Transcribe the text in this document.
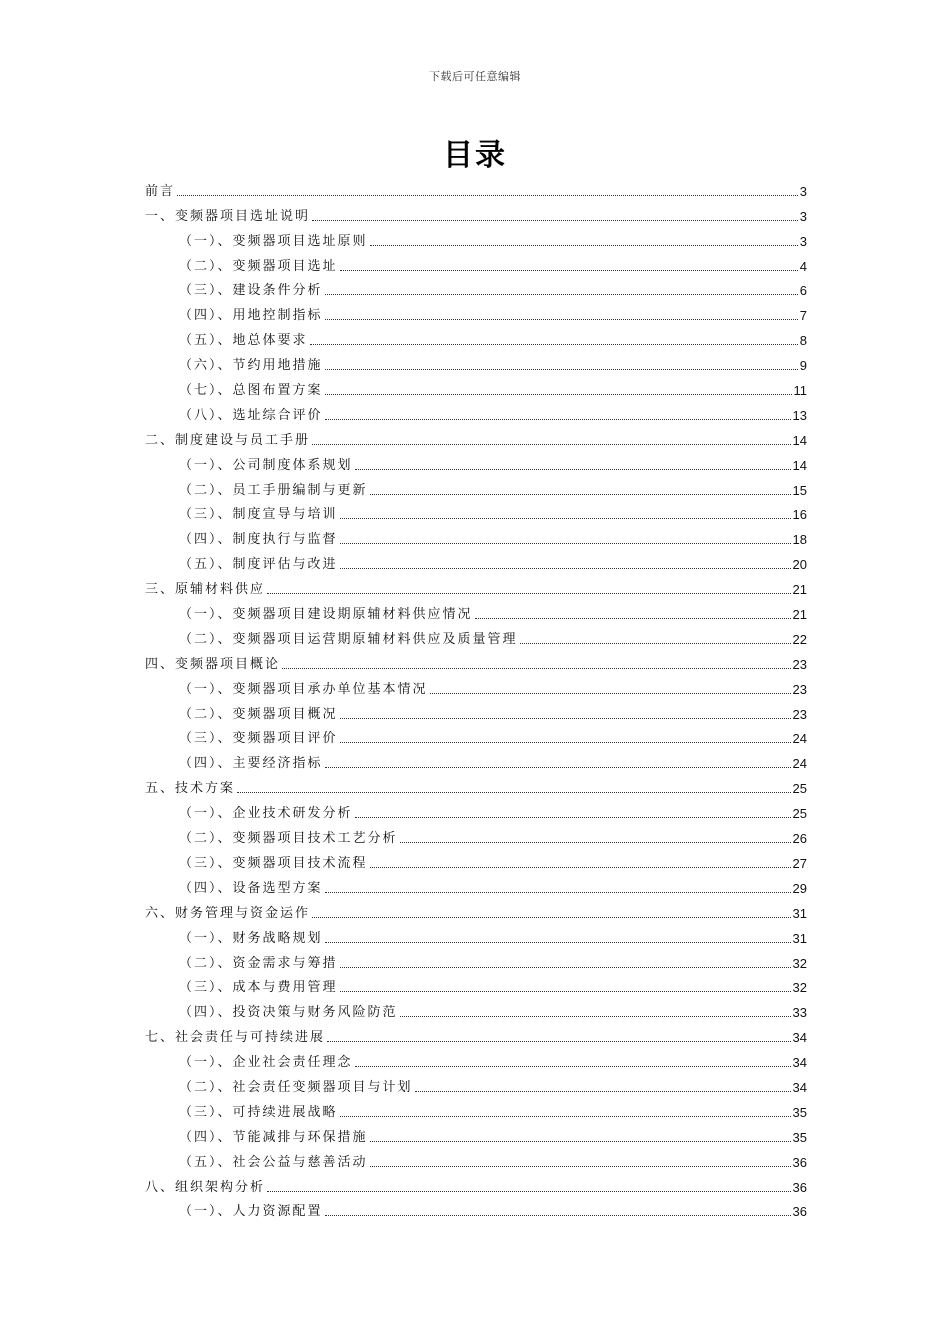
下载后可任意编辑
目录
前言	3
一、变频器项目选址说明	3
（一）、变频器项目选址原则	3
（二）、变频器项目选址	4
（三）、建设条件分析	6
（四）、用地控制指标	7
（五）、地总体要求	8
（六）、节约用地措施	9
（七）、总图布置方案	11
（八）、选址综合评价	13
二、制度建设与员工手册	14
（一）、公司制度体系规划	14
（二）、员工手册编制与更新	15
（三）、制度宣导与培训	16
（四）、制度执行与监督	18
（五）、制度评估与改进	20
三、原辅材料供应	21
（一）、变频器项目建设期原辅材料供应情况	21
（二）、变频器项目运营期原辅材料供应及质量管理	22
四、变频器项目概论	23
（一）、变频器项目承办单位基本情况	23
（二）、变频器项目概况	23
（三）、变频器项目评价	24
（四）、主要经济指标	24
五、技术方案	25
（一）、企业技术研发分析	25
（二）、变频器项目技术工艺分析	26
（三）、变频器项目技术流程	27
（四）、设备选型方案	29
六、财务管理与资金运作	31
（一）、财务战略规划	31
（二）、资金需求与筹措	32
（三）、成本与费用管理	32
（四）、投资决策与财务风险防范	33
七、社会责任与可持续进展	34
（一）、企业社会责任理念	34
（二）、社会责任变频器项目与计划	34
（三）、可持续进展战略	35
（四）、节能减排与环保措施	35
（五）、社会公益与慈善活动	36
八、组织架构分析	36
（一）、人力资源配置	36
